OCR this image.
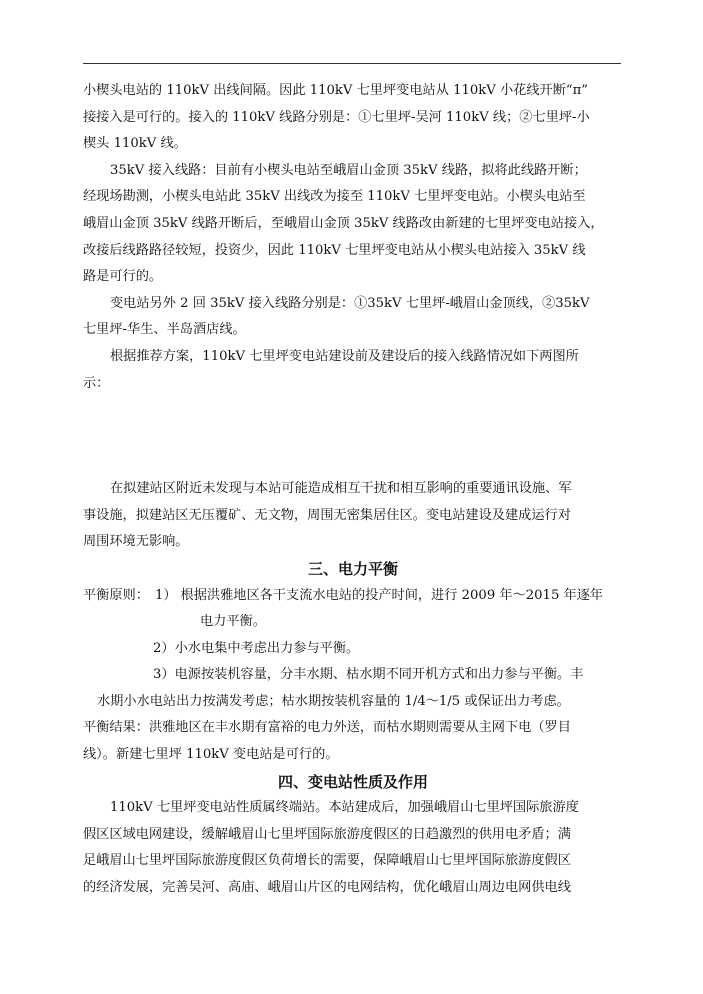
小楔头电站的 110kV 出线间隔。因此 110kV 七里坪变电站从 110kV 小花线开断“π”

接接入是可行的。接入的 110kV 线路分别是：①七里坪-吴河 110kV 线；②七里坪-小

楔头 110kV 线。

35kV 接入线路：目前有小楔头电站至峨眉山金顶 35kV 线路，拟将此线路开断；

经现场勘测，小楔头电站此 35kV 出线改为接至 110kV 七里坪变电站。小楔头电站至

峨眉山金顶 35kV 线路开断后，至峨眉山金顶 35kV 线路改由新建的七里坪变电站接入，

改接后线路路径较短，投资少，因此 110kV 七里坪变电站从小楔头电站接入 35kV 线

路是可行的。

变电站另外 2 回 35kV 接入线路分别是：①35kV 七里坪-峨眉山金顶线，②35kV

七里坪-华生、半岛酒店线。

根据推荐方案，110kV 七里坪变电站建设前及建设后的接入线路情况如下两图所

示：

在拟建站区附近未发现与本站可能造成相互干扰和相互影响的重要通讯设施、军

事设施，拟建站区无压覆矿、无文物，周围无密集居住区。变电站建设及建成运行对

周围环境无影响。

三、电力平衡

平衡原则： 1） 根据洪雅地区各干支流水电站的投产时间，进行 2009 年～2015 年逐年

电力平衡。

2）小水电集中考虑出力参与平衡。

3）电源按装机容量，分丰水期、枯水期不同开机方式和出力参与平衡。丰

水期小水电站出力按满发考虑；枯水期按装机容量的 1/4～1/5 或保证出力考虑。

平衡结果：洪雅地区在丰水期有富裕的电力外送，而枯水期则需要从主网下电（罗目

线）。新建七里坪 110kV 变电站是可行的。

四、变电站性质及作用

110kV 七里坪变电站性质属终端站。本站建成后，加强峨眉山七里坪国际旅游度

假区区域电网建设，缓解峨眉山七里坪国际旅游度假区的日趋激烈的供用电矛盾；满

足峨眉山七里坪国际旅游度假区负荷增长的需要，保障峨眉山七里坪国际旅游度假区

的经济发展，完善吴河、高庙、峨眉山片区的电网结构，优化峨眉山周边电网供电线
